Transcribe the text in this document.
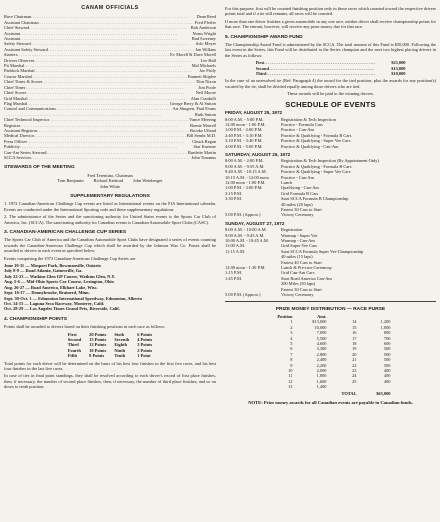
CANAM OFFICIALS
Race Chairman . . .	Dean Reed
Assistant Chairman . . .	Fred Pfeifer
Chief Steward . . .	Bob Anderson
Assistant . . .	Norm Wright
Assistant . . .	Bud Sweeney
Safety Steward . . .	Arlo Meyer
Assistant Safety Steward . . .	Jan Wilkins
Starters . . .	Ev Morell & Dave Morell
Drivers Observer . . .	Lee Hall
Pit Marshal . . .	Mal Michaels
Paddock Marshal . . .	Joe Pirily
Course Marshal . . .	Emmett Shiplee
Chief Timer & Scorer . . .	Don Nixon
Chief Timer . . .	Jim Poole
Chief Scorer . . .	Neil Moore
Grid Marshal . . .	Alan Ciardulli
Flag Marshal . . .	George Berry & Al Sutton
Control and Communications . . .	Art Shugren, Paul Evans
. . .
Ruth Sutton
Chief Technical Inspector . . .	Vance Meering
Registrar . . .	Bernie Marrell
Assistant Registrar . . .	Brooke Ulland
Medical Director . . .	Bill Sembt M.D.
Press Officer . . .	Chuck Regan
Publicity . . .	Star Kuerner
Can-Am Series Steward . . .	Burdette Martin
SCCA Services . . .	John Timanus
STEWARDS OF THE MEETING
Fred Terentino, Chairman
Tom Benjamin Richard Kiettrad John Weinberger
John White
SUPPLEMENTARY REGULATIONS
1. 1972 Canadian-American Challenge Cup events are listed as International events on the FIA International calendar. Events are conducted under the International Sporting code and these supplementary regulations.
2. The administrator of the Series and the sanctioning authority for United States events is the Sports Car Club of America, Inc. (SCCA). The sanctioning authority for Canadian events is Canadian Automobile Sport Clubs (CASC).
3. CANADIAN-AMERICAN CHALLENGE CUP SERIES
The Sports Car Club of America and the Canadian Automobile Sport Clubs have designated a series of events counting towards the Canadian-American Challenge Cup which shall be awarded by the Johnson Wax Co. Points shall be awarded to drivers in each event as specified below.
Events comprising the 1972 Canadian-American Challenge Cup Series are:
June 10-11 — Mosport Park, Bowmanville, Ontario
July 8-9 — Road Atlanta, Gainesville, Ga.
July 22-23 — Watkins Glen GP Course, Watkins Glen, N.Y.
Aug. 5-6 — Mid-Ohio Sports Car Course, Lexington, Ohio
Aug. 26-27 — Road America, Elkhart Lake, Wisc.
Sept. 16-17 — Donnybrooke, Brainerd, Minn.
Sept. 30-Oct. 1 — Edmonton International Speedway, Edmonton, Alberta
Oct. 14-15 — Laguna Seca Raceway, Monterey, Calif.
Oct. 28-29 — Los Angeles Times Grand Prix, Riverside, Calif.
4. CHAMPIONSHIP POINTS
Points shall be awarded to drivers based on their finishing positions in each race as follows:
First	20 Points Sixth	6 Points
Second 15 Points Seventh 4 Points
Third	12 Points Eighth	3 Points
Fourth 10 Points Ninth	2 Points
Fifth	8 Points	Tenth	1 Point
Total points for each driver will be determined on the basis of his best four finishes in the first five races, and his best four finishes in the last five races.
In case of ties in final point standings, they shall be resolved according to each driver's record of first place finishes, then, if necessary, the number of second place finishes, then, if necessary, the number of third place finishes, and so on down to tenth position.
For this purpose, first will be counted finishing position only in those races which counted toward the respective drivers points total and if a tie still remains, all races will be counted.
If more than one driver finishes a given automobile in any one race, neither driver shall receive championship points for that race. The entrant, however, will receive any prize money due for that race.
5. CHAMPIONSHIP AWARD FUND
The Championship Award Fund is administered by the SCCA. The total amount of this Fund is $50,000. Following the last event in the Series, this Fund will be distributed to the Series champion and the next two highest placing drivers in the Series as follows:
First . . .	$25,000
Second . . .	$15,000
Third . . .	$10,000
In the case of an unresolved tie (Ref: Paragraph 4) the award for the tied position, plus the awards for any position(s) vacated by the tie, shall be divided equally among those drivers who are tied.
These awards will be paid to the winning drivers.
SCHEDULE OF EVENTS
FRIDAY, AUGUST 25, 1972
8:00 A.M. - 5:00 P.M.	Registration & Tech Inspection
12:00 noon - 1:00 P.M.	Practice - Formula Cars
1:00 P.M. - 2:00 P.M.	Practice - Can-Am
2:40 P.M. - 3:10 P.M.	Practice & Qualifying - Formula B Cars
3:10 P.M. - 3:40 P.M.	Practice & Qualifying - Super Vee Cars
4:00 P.M. - 5:00 P.M.	Practice & Qualifying - Can-Am
SATURDAY, AUGUST 26, 1972
8:00 A.M. - 2:00 P.M.	Registration & Tech Inspection (By Appointment Only)
9:00 A.M. - 9:55 A.M.	Practice & Qualifying - Formula B Cars
9:40 A.M. - 10:15 A.M.	Practice & Qualifying - Super Vee Cars
10:15 A.M. - 12:00 noon	Practice - Can-Am
12:00 noon - 1:00 P.M.	Lunch
1:00 P.M. - 3:00 P.M.	Qualifying - Can-Am
3:15 P.M.	Grid Formula B Cars
3:30 P.M.	Start SCCA Formula B Championship
40 miles (20 laps)
Fastest 30 Cars to Start
5:00 P.M. (Approx.)	Victory Ceremony
SUNDAY, AUGUST 27, 1972
8:00 A.M. - 10:00 A.M.	Registration
9:00 A.M. - 9:45 A.M.	Warmup - Super Vee
10:00 A.M. - 10:45 A.M.	Warmup - Can-Am
11:00 A.M.	Grid Super Vee Cars
11:15 A.M.	Start SCCA Formula Super Vee Championship
40 miles (15 laps)
Fastest 40 Cars to Start
12:00 noon - 1:30 P.M.	Lunch & Pre-race Ceremony
1:15 P.M.	Grid Can-Am Cars
1:45 P.M.	Start Road America Can-Am
200 Miles (50 laps)
Fastest 30 Cars to Start
5:00 P.M. (Approx.)	Victory Ceremony
PRIZE MONEY DISTRIBUTION — RACE PURSE
Position	Amt.
1	$13,000	14	1,200
2	10,000	15	1,000
3	7,000	16	800
4	5,500	17	700
5	4,600	18	600
6	3,300	19	500
7	2,800	20	500
8	2,400	21	500
9	2,200	22	500
10	2,000	23	400
11	1,800	24	400
12	1,600	25	400
13	1,400
TOTAL	$65,000
NOTE: Prize money awards for all Canadian events are payable in Canadian funds.
